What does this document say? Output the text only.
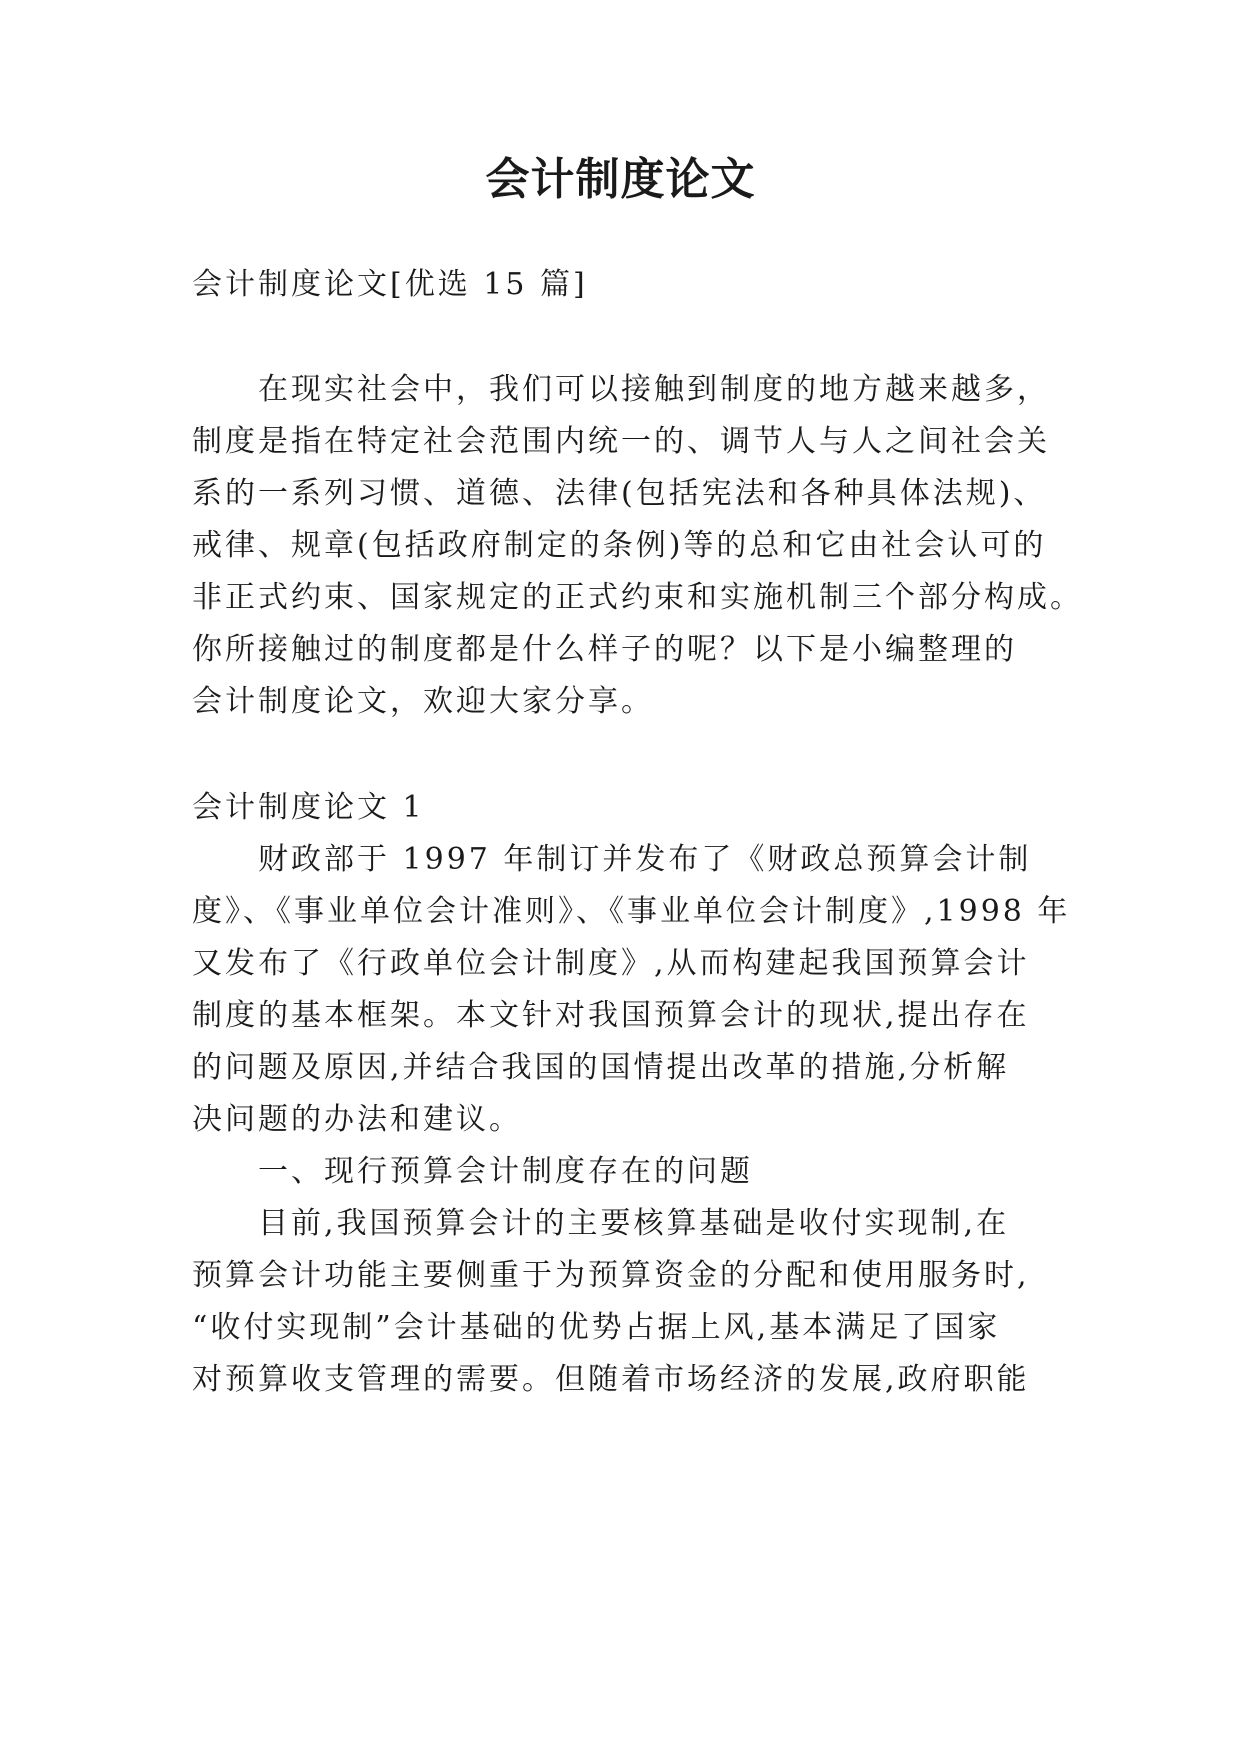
会计制度论文
会计制度论文[优选 15 篇]
在现实社会中，我们可以接触到制度的地方越来越多，
制度是指在特定社会范围内统一的、调节人与人之间社会关
系的一系列习惯、道德、法律(包括宪法和各种具体法规)、
戒律、规章(包括政府制定的条例)等的总和它由社会认可的
非正式约束、国家规定的正式约束和实施机制三个部分构成。
你所接触过的制度都是什么样子的呢？以下是小编整理的
会计制度论文，欢迎大家分享。
会计制度论文 1
财政部于 1997 年制订并发布了《财政总预算会计制
度》、《事业单位会计准则》、《事业单位会计制度》,1998 年
又发布了《行政单位会计制度》,从而构建起我国预算会计
制度的基本框架。本文针对我国预算会计的现状,提出存在
的问题及原因,并结合我国的国情提出改革的措施,分析解
决问题的办法和建议。
一、现行预算会计制度存在的问题
目前,我国预算会计的主要核算基础是收付实现制,在
预算会计功能主要侧重于为预算资金的分配和使用服务时,
“收付实现制”会计基础的优势占据上风,基本满足了国家
对预算收支管理的需要。但随着市场经济的发展,政府职能
